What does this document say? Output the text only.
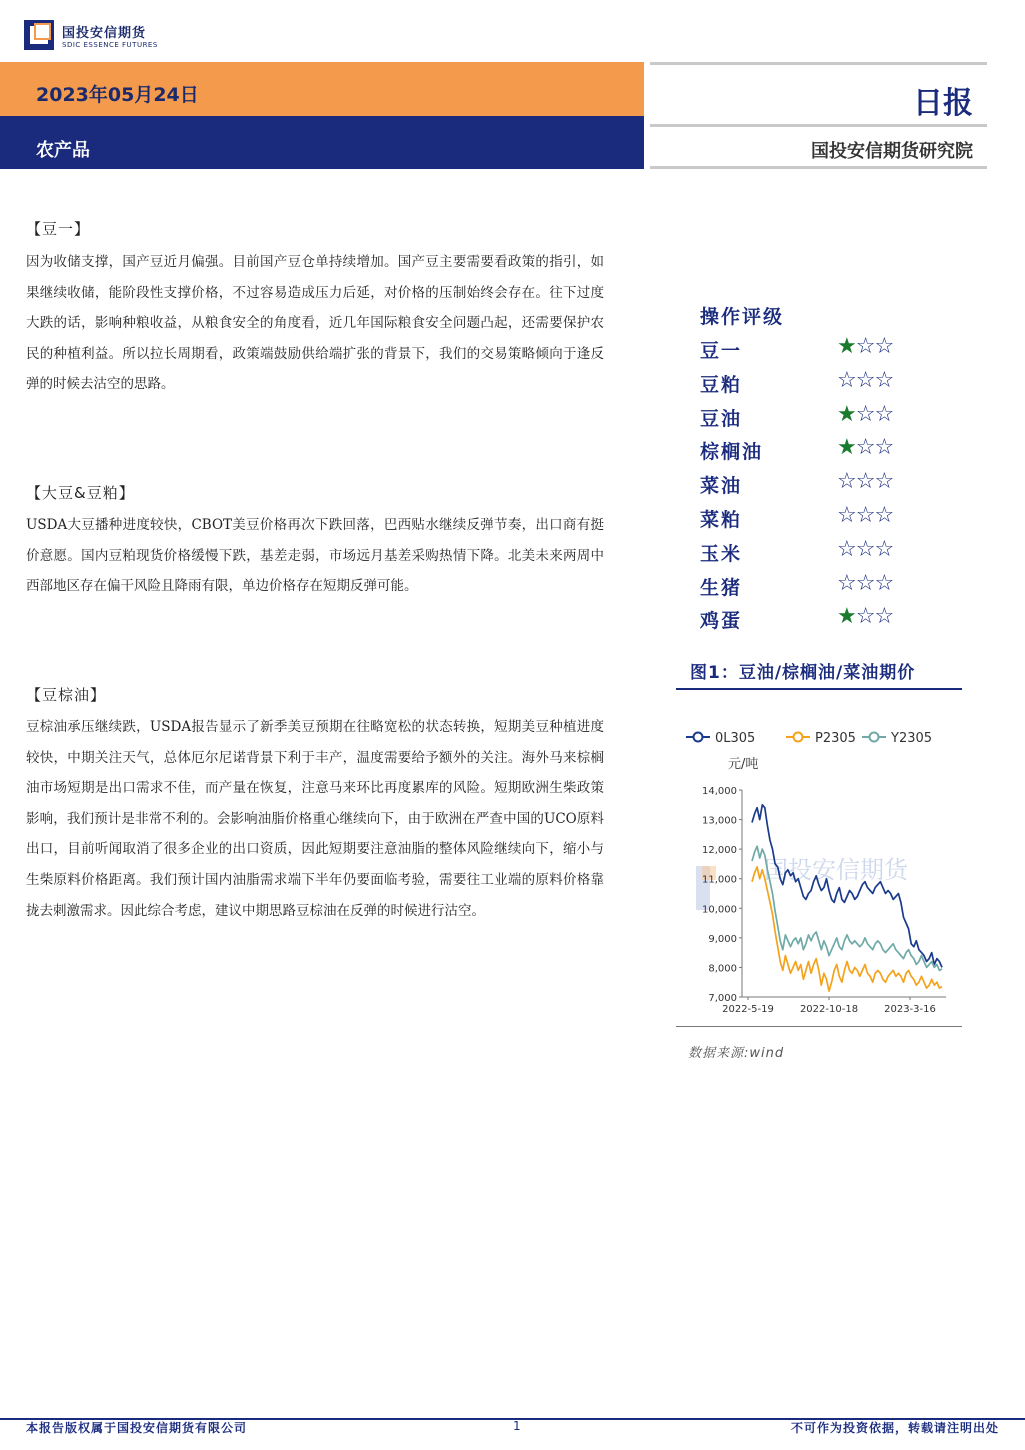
国投安信期货
SDIC ESSENCE FUTURES
2023年05月24日
农产品
日报
国投安信期货研究院
【豆一】

因为收储支撑，国产豆近月偏强。目前国产豆仓单持续增加。国产豆主要需要看政策的指引，如果继续收储，能阶段性支撑价格，不过容易造成压力后延，对价格的压制始终会存在。往下过度大跌的话，影响种粮收益，从粮食安全的角度看，近几年国际粮食安全问题凸起，还需要保护农民的种植利益。所以拉长周期看，政策端鼓励供给端扩张的背景下，我们的交易策略倾向于逢反弹的时候去沽空的思路。

【大豆&豆粕】

USDA大豆播种进度较快，CBOT美豆价格再次下跌回落，巴西贴水继续反弹节奏，出口商有挺价意愿。国内豆粕现货价格缓慢下跌，基差走弱，市场远月基差采购热情下降。北美未来两周中西部地区存在偏干风险且降雨有限，单边价格存在短期反弹可能。

【豆棕油】

豆棕油承压继续跌，USDA报告显示了新季美豆预期在往略宽松的状态转换，短期美豆种植进度较快，中期关注天气，总体厄尔尼诺背景下利于丰产，温度需要给予额外的关注。海外马来棕榈油市场短期是出口需求不佳，而产量在恢复，注意马来环比再度累库的风险。短期欧洲生柴政策影响，我们预计是非常不利的。会影响油脂价格重心继续向下，由于欧洲在严查中国的UCO原料出口，目前听闻取消了很多企业的出口资质，因此短期要注意油脂的整体风险继续向下，缩小与生柴原料价格距离。我们预计国内油脂需求端下半年仍要面临考验，需要往工业端的原料价格靠拢去刺激需求。因此综合考虑，建议中期思路豆棕油在反弹的时候进行沽空。

操作评级
豆一	★☆☆
豆粕	☆☆☆
豆油	★☆☆
棕榈油	★☆☆
菜油	☆☆☆
菜粕	☆☆☆
玉米	☆☆☆
生猪	☆☆☆
鸡蛋	★☆☆
图1：豆油/棕榈油/菜油期价
0L305	P2305	Y2305
元/吨
国投安信期货
7,000
8,000
9,000
10,000
11,000
12,000
13,000
14,000
2022-5-19	2022-10-18	2023-3-16
数据来源:wind
本报告版权属于国投安信期货有限公司	1	不可作为投资依据，转载请注明出处
